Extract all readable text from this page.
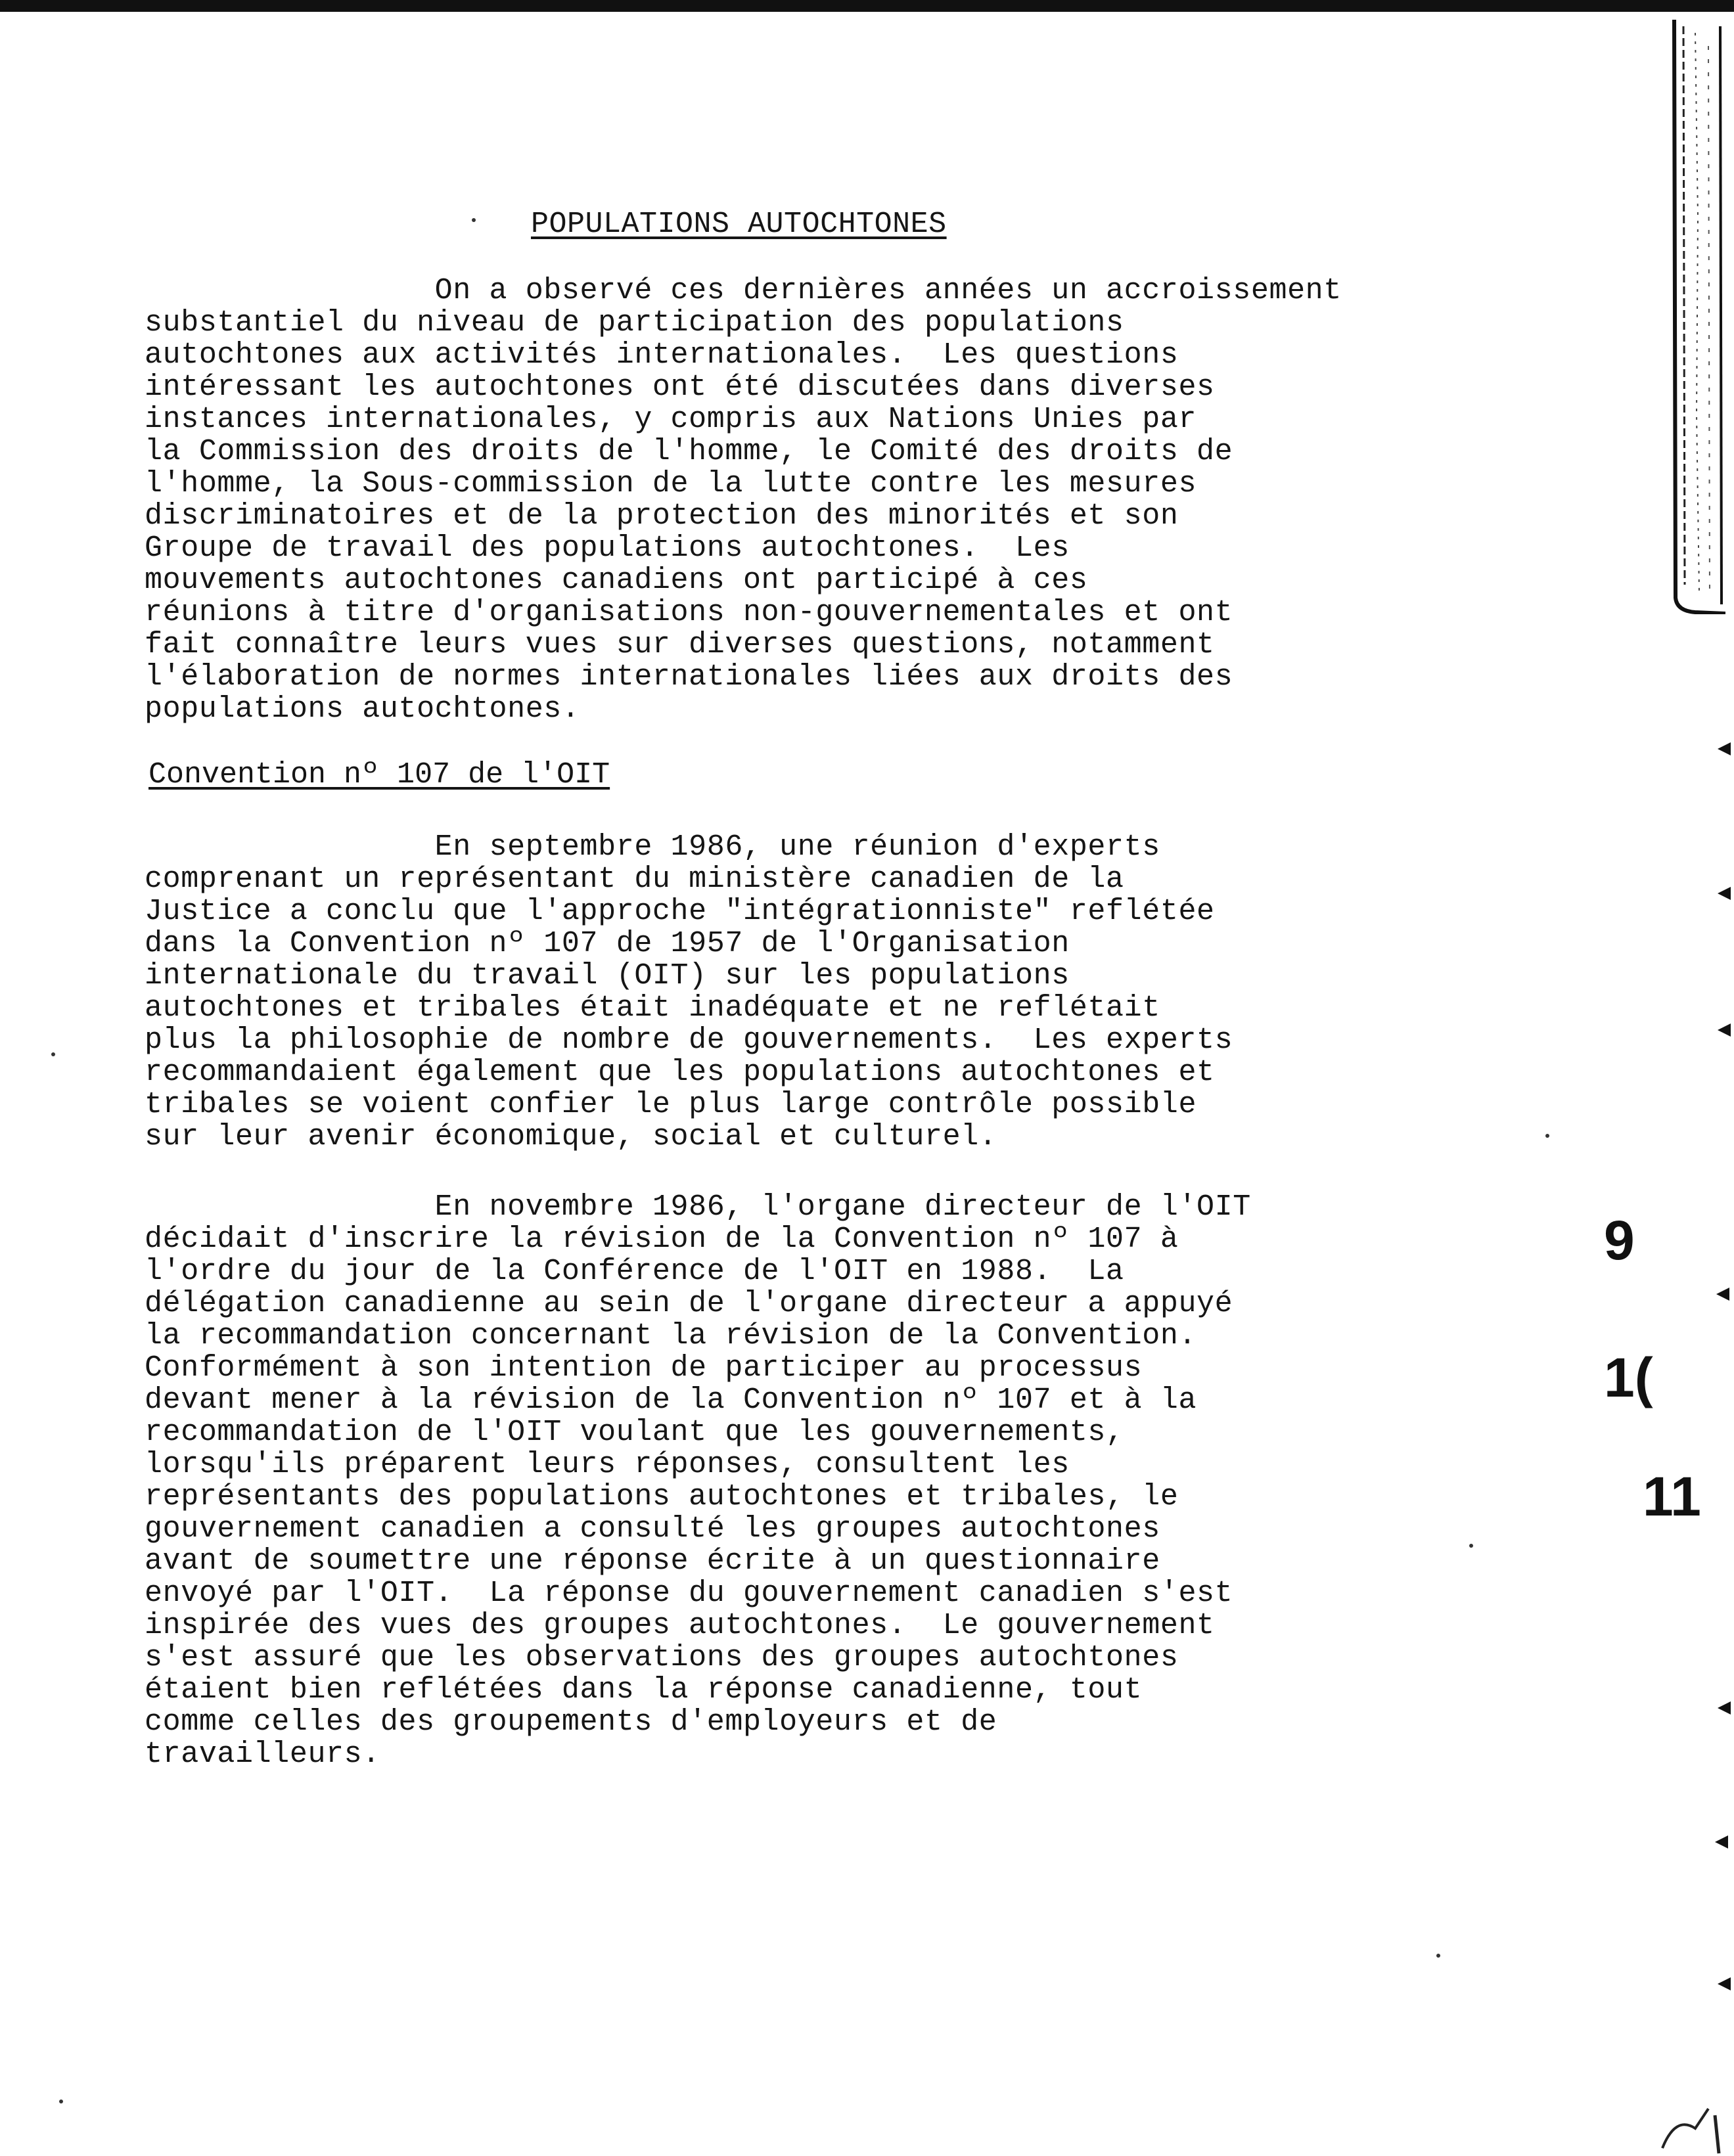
POPULATIONS AUTOCHTONES
On a observé ces dernières années un accroissement
substantiel du niveau de participation des populations
autochtones aux activités internationales.  Les questions
intéressant les autochtones ont été discutées dans diverses
instances internationales, y compris aux Nations Unies par
la Commission des droits de l'homme, le Comité des droits de
l'homme, la Sous-commission de la lutte contre les mesures
discriminatoires et de la protection des minorités et son
Groupe de travail des populations autochtones.  Les
mouvements autochtones canadiens ont participé à ces
réunions à titre d'organisations non-gouvernementales et ont
fait connaître leurs vues sur diverses questions, notamment
l'élaboration de normes internationales liées aux droits des
populations autochtones.
Convention nº 107 de l'OIT
En septembre 1986, une réunion d'experts
comprenant un représentant du ministère canadien de la
Justice a conclu que l'approche "intégrationniste" reflétée
dans la Convention nº 107 de 1957 de l'Organisation
internationale du travail (OIT) sur les populations
autochtones et tribales était inadéquate et ne reflétait
plus la philosophie de nombre de gouvernements.  Les experts
recommandaient également que les populations autochtones et
tribales se voient confier le plus large contrôle possible
sur leur avenir économique, social et culturel.
En novembre 1986, l'organe directeur de l'OIT
décidait d'inscrire la révision de la Convention nº 107 à
l'ordre du jour de la Conférence de l'OIT en 1988.  La
délégation canadienne au sein de l'organe directeur a appuyé
la recommandation concernant la révision de la Convention.
Conformément à son intention de participer au processus
devant mener à la révision de la Convention nº 107 et à la
recommandation de l'OIT voulant que les gouvernements,
lorsqu'ils préparent leurs réponses, consultent les
représentants des populations autochtones et tribales, le
gouvernement canadien a consulté les groupes autochtones
avant de soumettre une réponse écrite à un questionnaire
envoyé par l'OIT.  La réponse du gouvernement canadien s'est
inspirée des vues des groupes autochtones.  Le gouvernement
s'est assuré que les observations des groupes autochtones
étaient bien reflétées dans la réponse canadienne, tout
comme celles des groupements d'employeurs et de
travailleurs.
9
1(
11
